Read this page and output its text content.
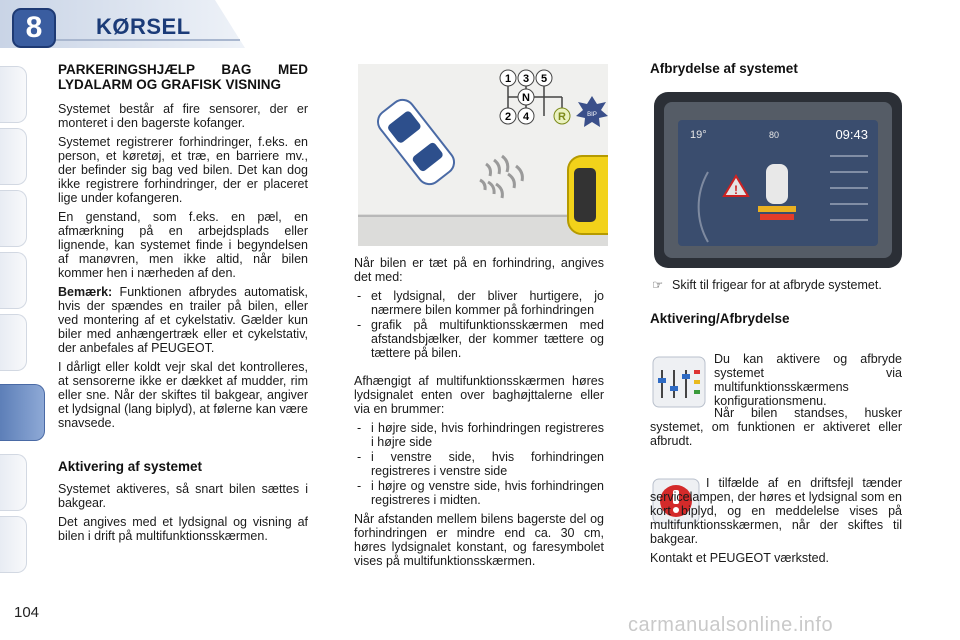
8	KØRSEL
PARKERINGSHJÆLP BAG MED LYDALARM OG GRAFISK VISNING

Systemet består af fire sensorer, der er monteret i den bagerste kofanger.

Systemet registrerer forhindringer, f.eks. en person, et køretøj, et træ, en barriere mv., der befinder sig bag ved bilen. Det kan dog ikke registrere forhindringer, der er placeret lige under kofangeren.

En genstand, som f.eks. en pæl, en afmærkning på en arbejdsplads eller lignende, kan systemet finde i begyndelsen af manøvren, men ikke altid, når bilen kommer hen i nærheden af den.

Bemærk: Funktionen afbrydes automatisk, hvis der spændes en trailer på bilen, eller ved montering af et cykelstativ. Gælder kun biler med anhængertræk eller et cykelstativ, der anbefales af PEUGEOT.

I dårligt eller koldt vejr skal det kontrolleres, at sensorerne ikke er dækket af mudder, rim eller sne. Når der skiftes til bakgear, angiver et lydsignal (lang biplyd), at følerne kan være snavsede.

Aktivering af systemet

Systemet aktiveres, så snart bilen sættes i bakgear.

Det angives med et lydsignal og visning af bilen i drift på multifunktionsskærmen.

1 3 5
N
2 4	R	BIP

Når bilen er tæt på en forhindring, angives det med:

- et lydsignal, der bliver hurtigere, jo nærmere bilen kommer på forhindringen
- grafik på multifunktionsskærmen med afstandsbjælker, der kommer tættere og tættere på bilen.

Afhængigt af multifunktionsskærmen høres lydsignalet enten over baghøjttalerne eller via en brummer:

- i højre side, hvis forhindringen registreres i højre side
- i venstre side, hvis forhindringen registreres i venstre side
- i højre og venstre side, hvis forhindringen registreres i midten.

Når afstanden mellem bilens bagerste del og forhindringen er mindre end ca. 30 cm, høres lydsignalet konstant, og faresymbolet vises på multifunktionsskærmen.

Afbrydelse af systemet
19°	80	09:43
!

☞ Skift til frigear for at afbryde systemet.

Aktivering/Afbrydelse

Du kan aktivere og afbryde systemet via multifunktionsskærmens konfigurationsmenu.

Når bilen standses, husker systemet, om funktionen er aktiveret eller afbrudt.

I tilfælde af en driftsfejl tænder servicelampen, der høres et lydsignal som en kort biplyd, og en meddelelse vises på multifunktionsskærmen, når der skiftes til bakgear.

Kontakt et PEUGEOT værksted.

104
carmanualsonline.info
